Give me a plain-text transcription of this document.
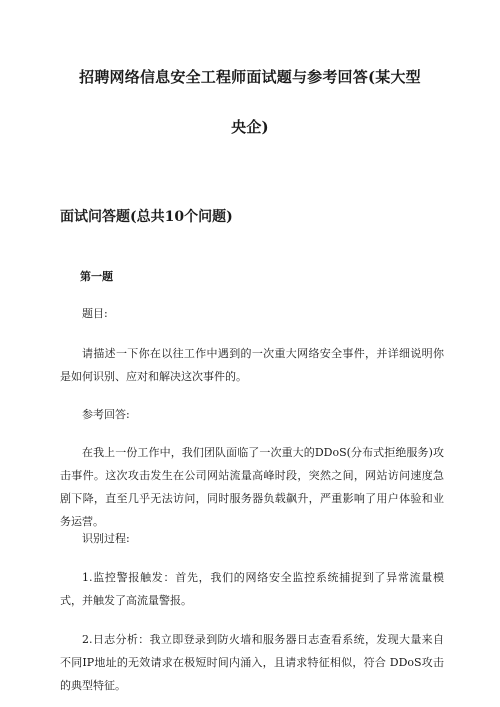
招聘网络信息安全工程师面试题与参考回答(某大型
央企)
面试问答题(总共10个问题)
第一题
题目:
请描述一下你在以往工作中遇到的一次重大网络安全事件，并详细说明你是如何识别、应对和解决这次事件的。
参考回答:
在我上一份工作中，我们团队面临了一次重大的DDoS(分布式拒绝服务)攻击事件。这次攻击发生在公司网站流量高峰时段，突然之间，网站访问速度急剧下降，直至几乎无法访问，同时服务器负载飙升，严重影响了用户体验和业务运营。
识别过程:
1.监控警报触发：首先，我们的网络安全监控系统捕捉到了异常流量模式，并触发了高流量警报。
2.日志分析：我立即登录到防火墙和服务器日志查看系统，发现大量来自不同IP地址的无效请求在极短时间内涌入，且请求特征相似，符合 DDoS攻击的典型特征。
